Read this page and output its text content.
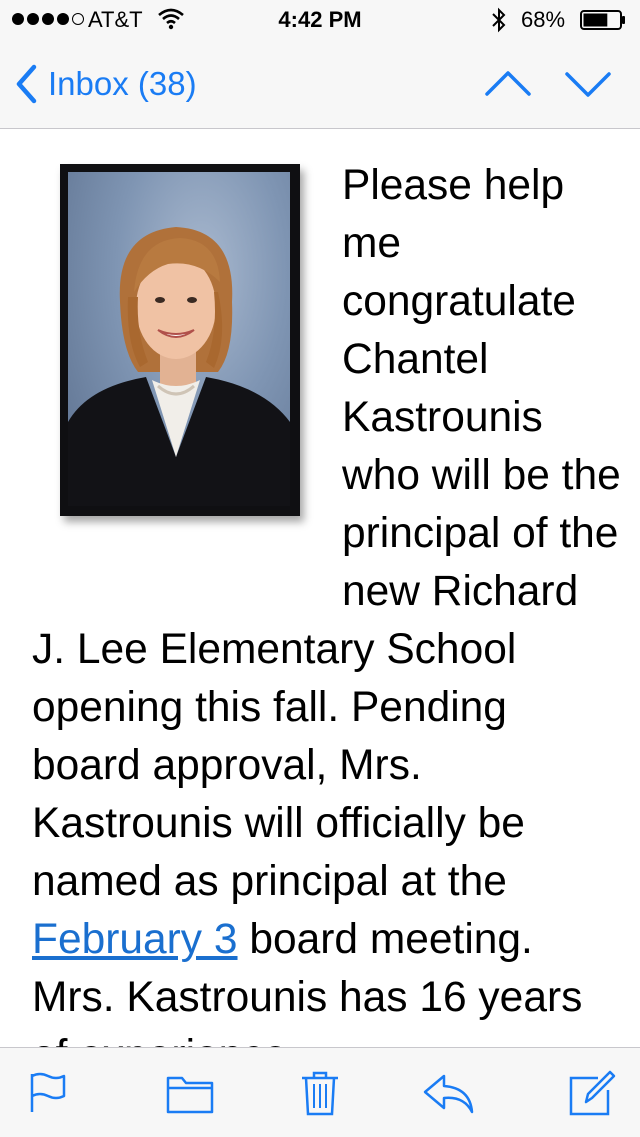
AT&T	4:42 PM	68%
Inbox (38)

Please help me congratulate Chantel Kastrounis who will be the principal of the new Richard J. Lee Elementary School opening this fall. Pending board approval, Mrs. Kastrounis will officially be named as principal at the February 3 board meeting. Mrs. Kastrounis has 16 years
